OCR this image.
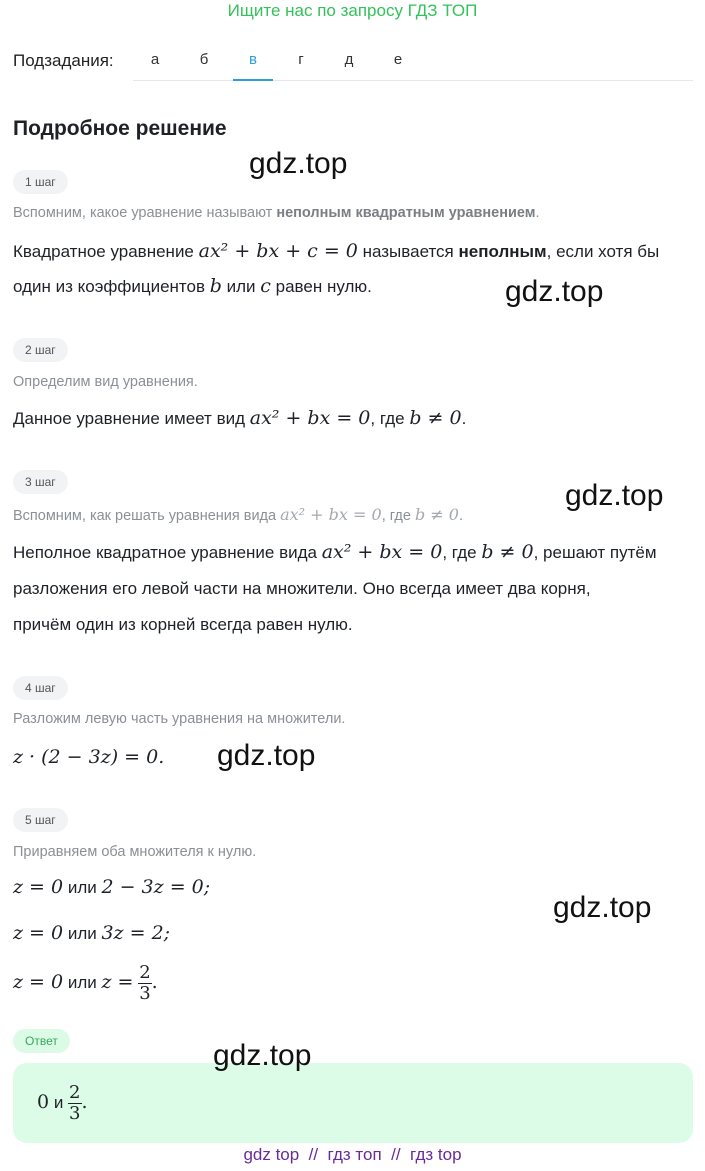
Ищите нас по запросу ГДЗ ТОП
Подзадания:	а	б	в	г	д	е
Подробное решение
1 шаг
Вспомним, какое уравнение называют неполным квадратным уравнением.
Квадратное уравнение ax² + bx + c = 0 называется неполным, если хотя бы
один из коэффициентов b или c равен нулю.
2 шаг
Определим вид уравнения.
Данное уравнение имеет вид ax² + bx = 0, где b ≠ 0.
3 шаг
Вспомним, как решать уравнения вида ax² + bx = 0, где b ≠ 0.
Неполное квадратное уравнение вида ax² + bx = 0, где b ≠ 0, решают путём
разложения его левой части на множители. Оно всегда имеет два корня,
причём один из корней всегда равен нулю.
4 шаг
Разложим левую часть уравнения на множители.
z · (2 − 3z) = 0.
5 шаг
Приравняем оба множителя к нулю.
z = 0 или 2 − 3z = 0;
z = 0 или 3z = 2;
z = 0 или $z = \frac{2}{3}$ .
Ответ
0 и $\frac{2}{3}$ .
gdz.top
gdz.top
gdz.top
gdz.top
gdz.top
gdz.top
gdz top  //  гдз топ  //  гдз top
